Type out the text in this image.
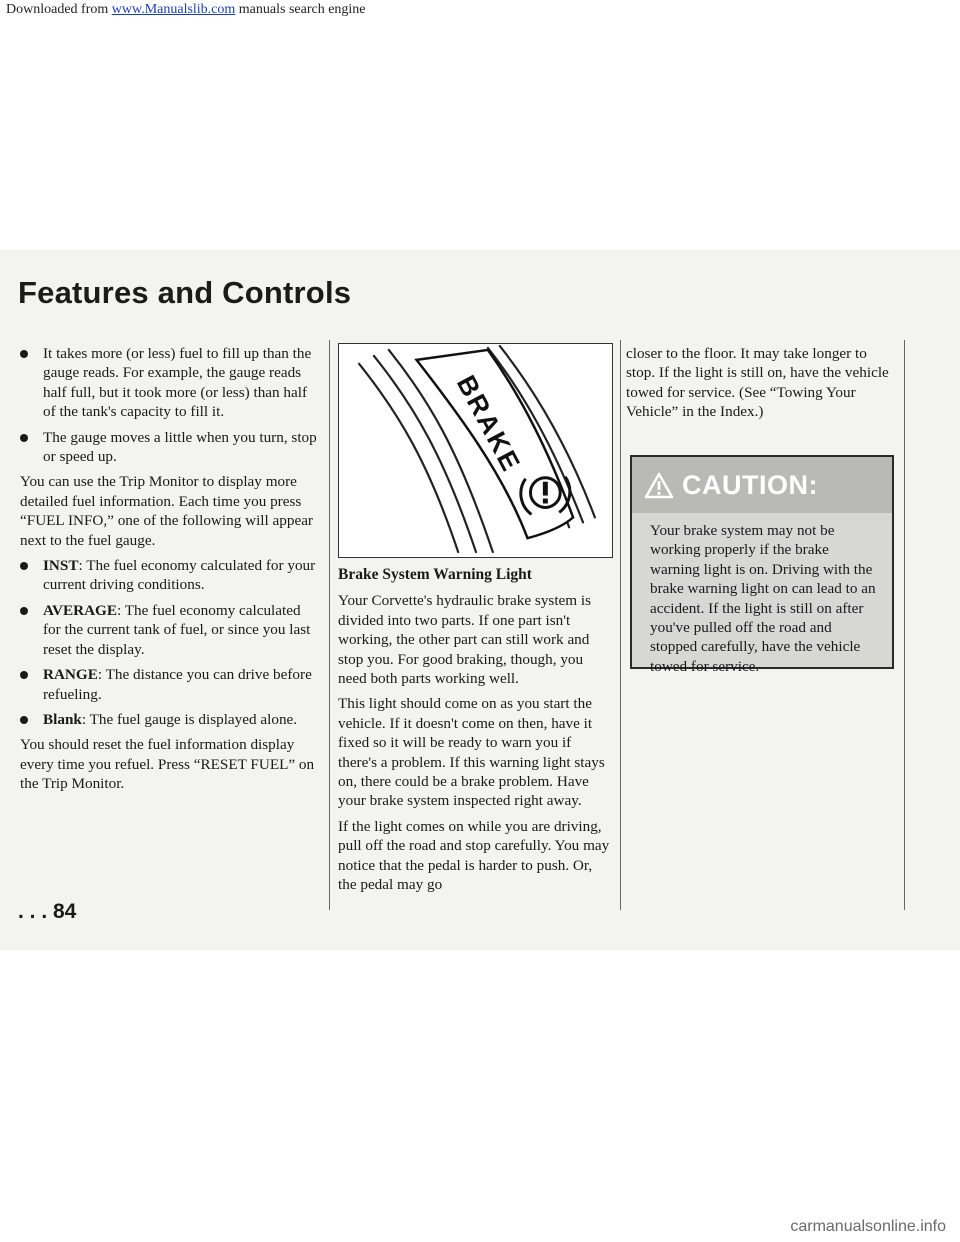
Downloaded from www.Manualslib.com manuals search engine
Features and Controls
It takes more (or less) fuel to fill up than the gauge reads. For example, the gauge reads half full, but it took more (or less) than half of the tank's capacity to fill it.
The gauge moves a little when you turn, stop or speed up.

You can use the Trip Monitor to display more detailed fuel information. Each time you press “FUEL INFO,” one of the following will appear next to the fuel gauge.

INST: The fuel economy calculated for your current driving conditions.
AVERAGE: The fuel economy calculated for the current tank of fuel, or since you last reset the display.
RANGE: The distance you can drive before refueling.
Blank: The fuel gauge is displayed alone.

You should reset the fuel information display every time you refuel. Press “RESET FUEL” on the Trip Monitor.

BRAKE
Brake System Warning Light

Your Corvette's hydraulic brake system is divided into two parts. If one part isn't working, the other part can still work and stop you. For good braking, though, you need both parts working well.

This light should come on as you start the vehicle. If it doesn't come on then, have it fixed so it will be ready to warn you if there's a problem. If this warning light stays on, there could be a brake problem. Have your brake system inspected right away.

If the light comes on while you are driving, pull off the road and stop carefully. You may notice that the pedal is harder to push. Or, the pedal may go

closer to the floor. It may take longer to stop. If the light is still on, have the vehicle towed for service. (See “Towing Your Vehicle” in the Index.)

CAUTION:
Your brake system may not be working properly if the brake warning light is on. Driving with the brake warning light on can lead to an accident. If the light is still on after you've pulled off the road and stopped carefully, have the vehicle towed for service.
. . . 84
carmanualsonline.info
